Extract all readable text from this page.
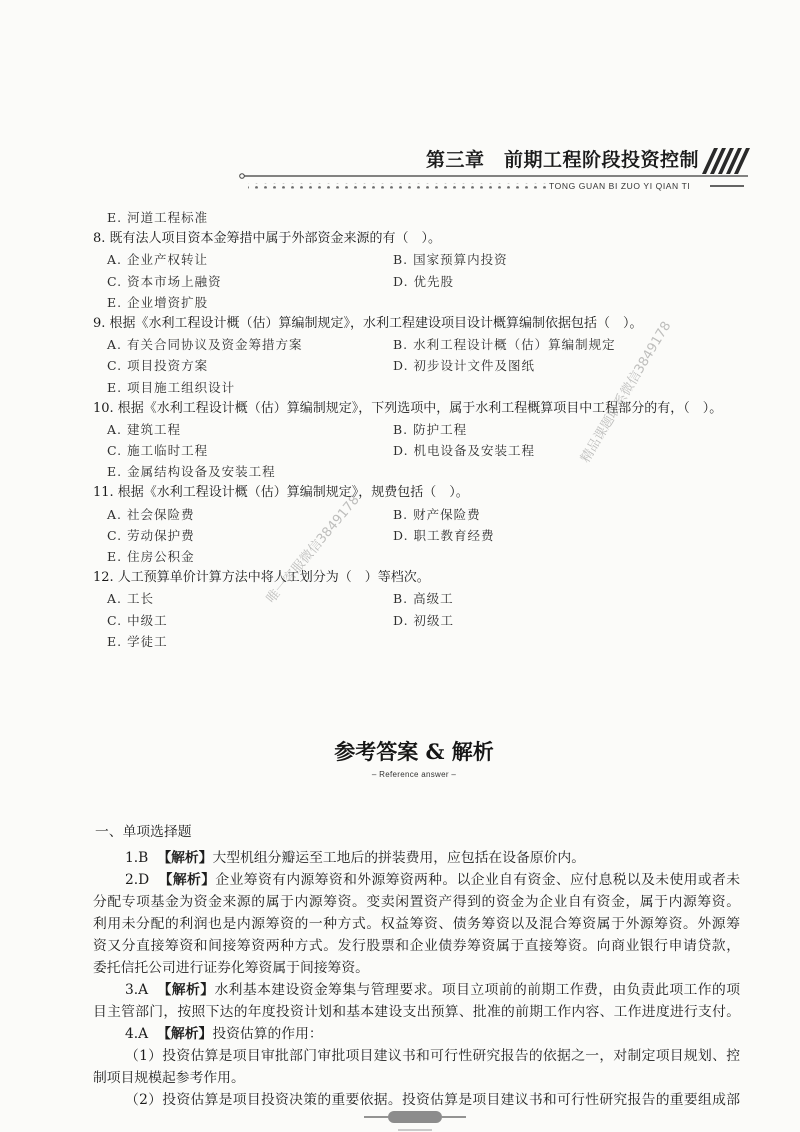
第三章　前期工程阶段投资控制
TONG GUAN BI ZUO YI QIAN TI
E. 河道工程标准
8. 既有法人项目资本金筹措中属于外部资金来源的有（　）。
A. 企业产权转让	B. 国家预算内投资
C. 资本市场上融资	D. 优先股
E. 企业增资扩股
9. 根据《水利工程设计概（估）算编制规定》，水利工程建设项目设计概算编制依据包括（　）。
A. 有关合同协议及资金筹措方案	B. 水利工程设计概（估）算编制规定
C. 项目投资方案	D. 初步设计文件及图纸
E. 项目施工组织设计
10. 根据《水利工程设计概（估）算编制规定》，下列选项中，属于水利工程概算项目中工程部分的有，（　）。
A. 建筑工程	B. 防护工程
C. 施工临时工程	D. 机电设备及安装工程
E. 金属结构设备及安装工程
11. 根据《水利工程设计概（估）算编制规定》，规费包括（　）。
A. 社会保险费	B. 财产保险费
C. 劳动保护费	D. 职工教育经费
E. 住房公积金
12. 人工预算单价计算方法中将人工划分为（　）等档次。
A. 工长	B. 高级工
C. 中级工	D. 初级工
E. 学徒工
参考答案 & 解析
– Reference answer –
一、单项选择题
1.B 【解析】大型机组分瓣运至工地后的拼装费用，应包括在设备原价内。
2.D 【解析】企业筹资有内源筹资和外源筹资两种。以企业自有资金、应付息税以及未使用或者未
分配专项基金为资金来源的属于内源筹资。变卖闲置资产得到的资金为企业自有资金，属于内源筹资。
利用未分配的利润也是内源筹资的一种方式。权益筹资、债务筹资以及混合筹资属于外源筹资。外源筹
资又分直接筹资和间接筹资两种方式。发行股票和企业债券筹资属于直接筹资。向商业银行申请贷款，
委托信托公司进行证券化筹资属于间接筹资。
3.A 【解析】水利基本建设资金筹集与管理要求。项目立项前的前期工作费，由负责此项工作的项
目主管部门，按照下达的年度投资计划和基本建设支出预算、批准的前期工作内容、工作进度进行支付。
4.A 【解析】投资估算的作用：
（1）投资估算是项目审批部门审批项目建议书和可行性研究报告的依据之一，对制定项目规划、控
制项目规模起参考作用。
（2）投资估算是项目投资决策的重要依据。投资估算是项目建议书和可行性研究报告的重要组成部
精品课题联系微信3849178
唯一客服微信3849178
